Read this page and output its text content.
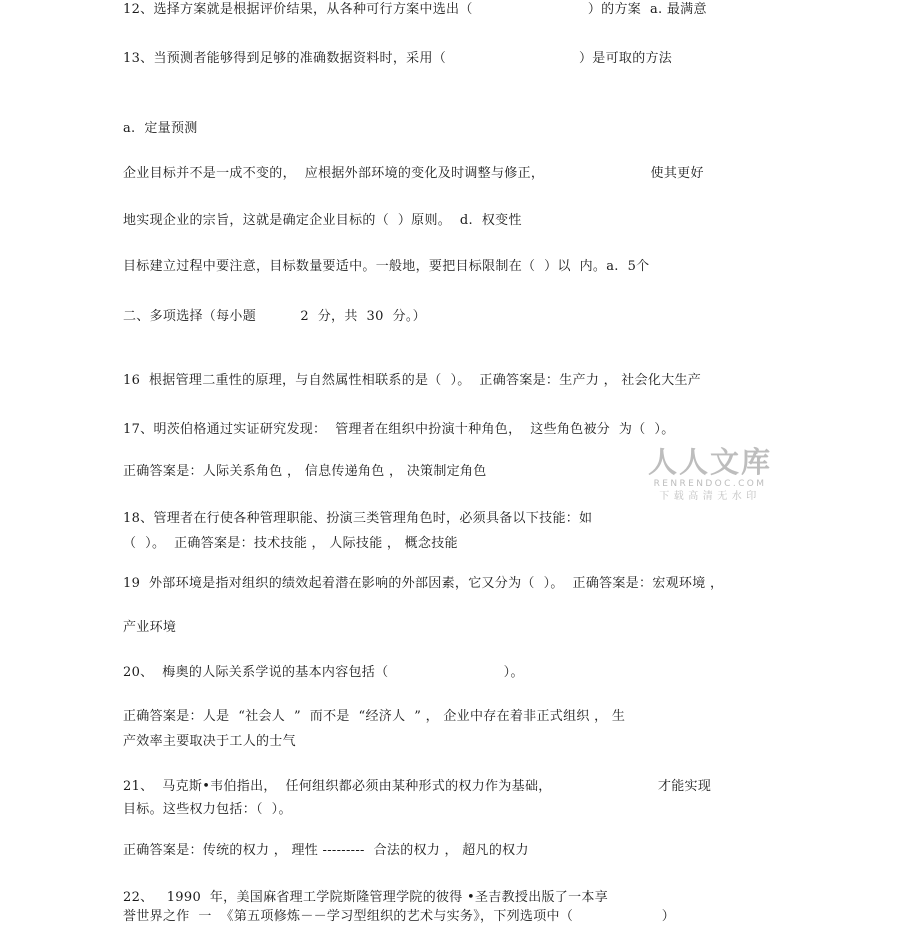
12、选择方案就是根据评价结果，从各种可行方案中选出（                          ）的方案  a. 最满意
13、当预测者能够得到足够的准确数据资料时，采用（                              ）是可取的方法
a.  定量预测
企业目标并不是一成不变的，  应根据外部环境的变化及时调整与修正，                        使其更好
地实现企业的宗旨，这就是确定企业目标的（  ）原则。  d.  权变性
目标建立过程中要注意，目标数量要适中。一般地，要把目标限制在（  ）以  内。a.  5个
二、多项选择（每小题          2  分，共  30  分。）
16  根据管理二重性的原理，与自然属性相联系的是（  ）。  正确答案是：生产力 ， 社会化大生产
17、明茨伯格通过实证研究发现：  管理者在组织中扮演十种角色，  这些角色被分  为（  ）。
正确答案是：人际关系角色 ， 信息传递角色 ， 决策制定角色
18、管理者在行使各种管理职能、扮演三类管理角色时，必须具备以下技能：如
（  ）。  正确答案是：技术技能 ， 人际技能 ， 概念技能
19  外部环境是指对组织的绩效起着潜在影响的外部因素，它又分为（  ）。  正确答案是：宏观环境 ，
产业环境
20、  梅奥的人际关系学说的基本内容包括（                          ）。
正确答案是：人是  “社会人  ”  而不是  “经济人  ” ， 企业中存在着非正式组织 ， 生
产效率主要取决于工人的士气
21、  马克斯•韦伯指出，  任何组织都必须由某种形式的权力作为基础，                        才能实现
目标。这些权力包括：（  ）。
正确答案是：传统的权力 ， 理性 ---------  合法的权力 ， 超凡的权力
22、   1990  年，美国麻省理工学院斯隆管理学院的彼得 •圣吉教授出版了一本享
誉世界之作  一  《第五项修炼－－学习型组织的艺术与实务》，下列选项中（                    ）
人人文库
RENRENDOC.COM
下载高清无水印
